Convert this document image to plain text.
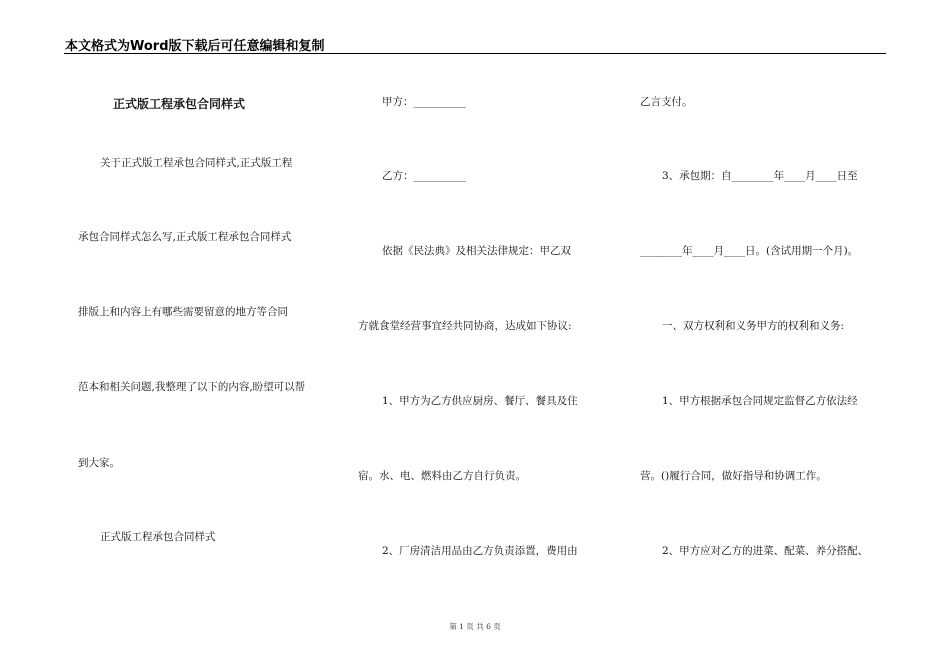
本文格式为Word版下载后可任意编辑和复制
正式版工程承包合同样式
关于正式版工程承包合同样式,正式版工程
承包合同样式怎么写,正式版工程承包合同样式
排版上和内容上有哪些需要留意的地方等合同
范本和相关问题,我整理了以下的内容,盼望可以帮
到大家。
正式版工程承包合同样式
甲方：__________
乙方：__________
依据《民法典》及相关法律规定：甲乙双
方就食堂经营事宜经共同协商，达成如下协议:
1、甲方为乙方供应厨房、餐厅、餐具及住
宿。水、电、燃料由乙方自行负责。
2、厂房清洁用品由乙方负责添置，费用由
乙言支付。
3、承包期：自________年____月____日至
________年____月____日。(含试用期一个月)。
一、双方权利和义务甲方的权利和义务:
1、甲方根据承包合同规定监督乙方依法经
营。()履行合同，做好指导和协调工作。
2、甲方应对乙方的进菜、配菜、养分搭配、
第 1 页 共 6 页
